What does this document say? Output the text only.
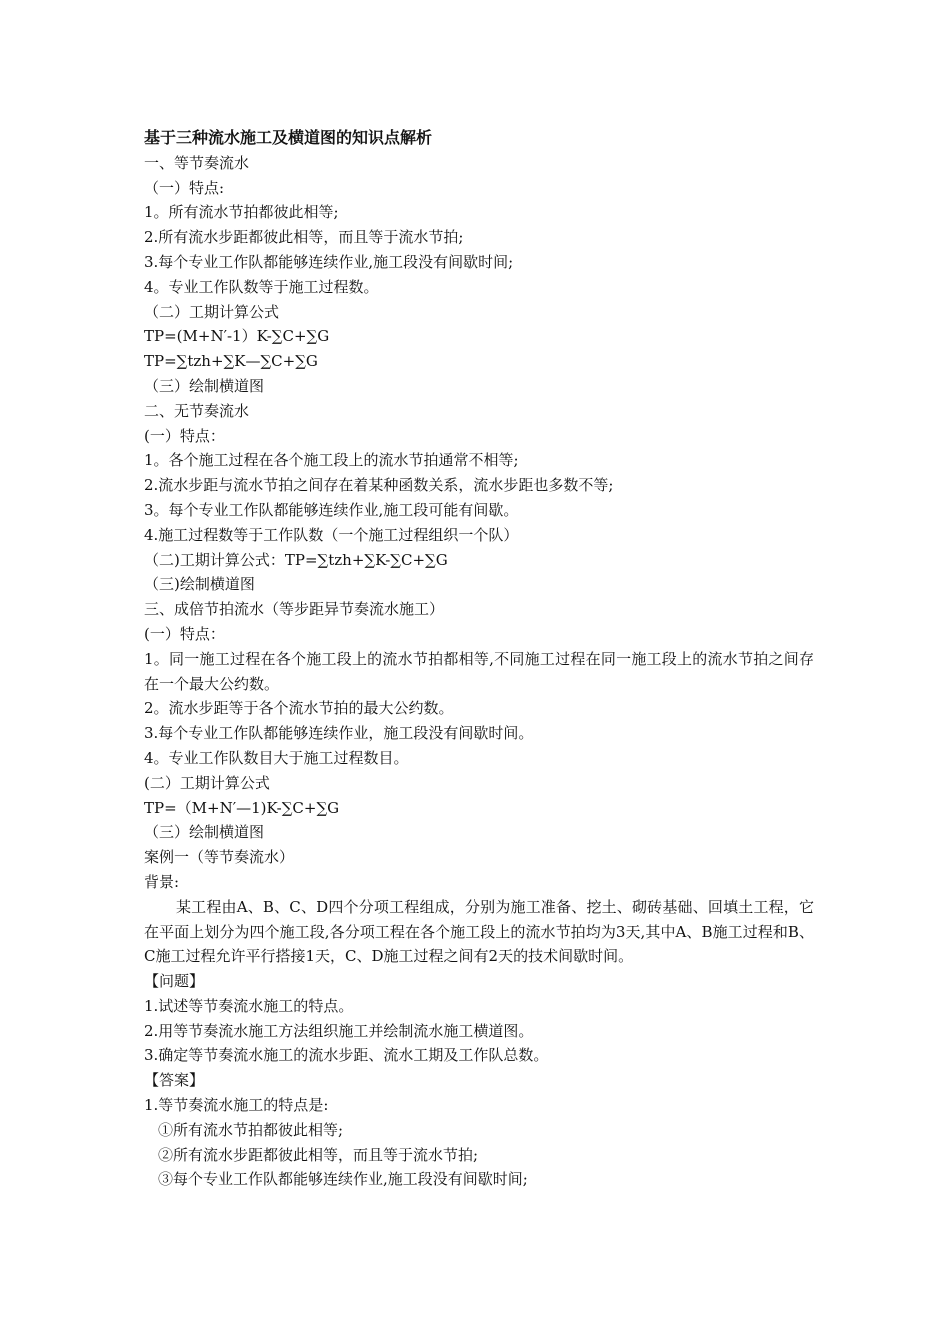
基于三种流水施工及横道图的知识点解析
一、等节奏流水
（一）特点:
1。所有流水节拍都彼此相等;
2.所有流水步距都彼此相等，而且等于流水节拍;
3.每个专业工作队都能够连续作业,施工段没有间歇时间;
4。专业工作队数等于施工过程数。
（二）工期计算公式
TP=(M+N′-1）K-∑C+∑G
TP=∑tzh+∑K—∑C+∑G
（三）绘制横道图
二、无节奏流水
(一）特点：
1。各个施工过程在各个施工段上的流水节拍通常不相等;
2.流水步距与流水节拍之间存在着某种函数关系，流水步距也多数不等;
3。每个专业工作队都能够连续作业,施工段可能有间歇。
4.施工过程数等于工作队数（一个施工过程组织一个队）
（二)工期计算公式：TP=∑tzh+∑K-∑C+∑G
（三)绘制横道图
三、成倍节拍流水（等步距异节奏流水施工）
(一）特点：
1。同一施工过程在各个施工段上的流水节拍都相等,不同施工过程在同一施工段上的流水节拍之间存在一个最大公约数。
2。流水步距等于各个流水节拍的最大公约数。
3.每个专业工作队都能够连续作业，施工段没有间歇时间。
4。专业工作队数目大于施工过程数目。
(二）工期计算公式
TP=（M+N′—1)K-∑C+∑G
（三）绘制横道图
案例一（等节奏流水）
背景:
某工程由A、B、C、D四个分项工程组成，分别为施工准备、挖土、砌砖基础、回填土工程，它在平面上划分为四个施工段,各分项工程在各个施工段上的流水节拍均为3天,其中A、B施工过程和B、C施工过程允许平行搭接1天，C、D施工过程之间有2天的技术间歇时间。
【问题】
1.试述等节奏流水施工的特点。
2.用等节奏流水施工方法组织施工并绘制流水施工横道图。
3.确定等节奏流水施工的流水步距、流水工期及工作队总数。
【答案】
1.等节奏流水施工的特点是:
①所有流水节拍都彼此相等;
②所有流水步距都彼此相等，而且等于流水节拍;
③每个专业工作队都能够连续作业,施工段没有间歇时间;
